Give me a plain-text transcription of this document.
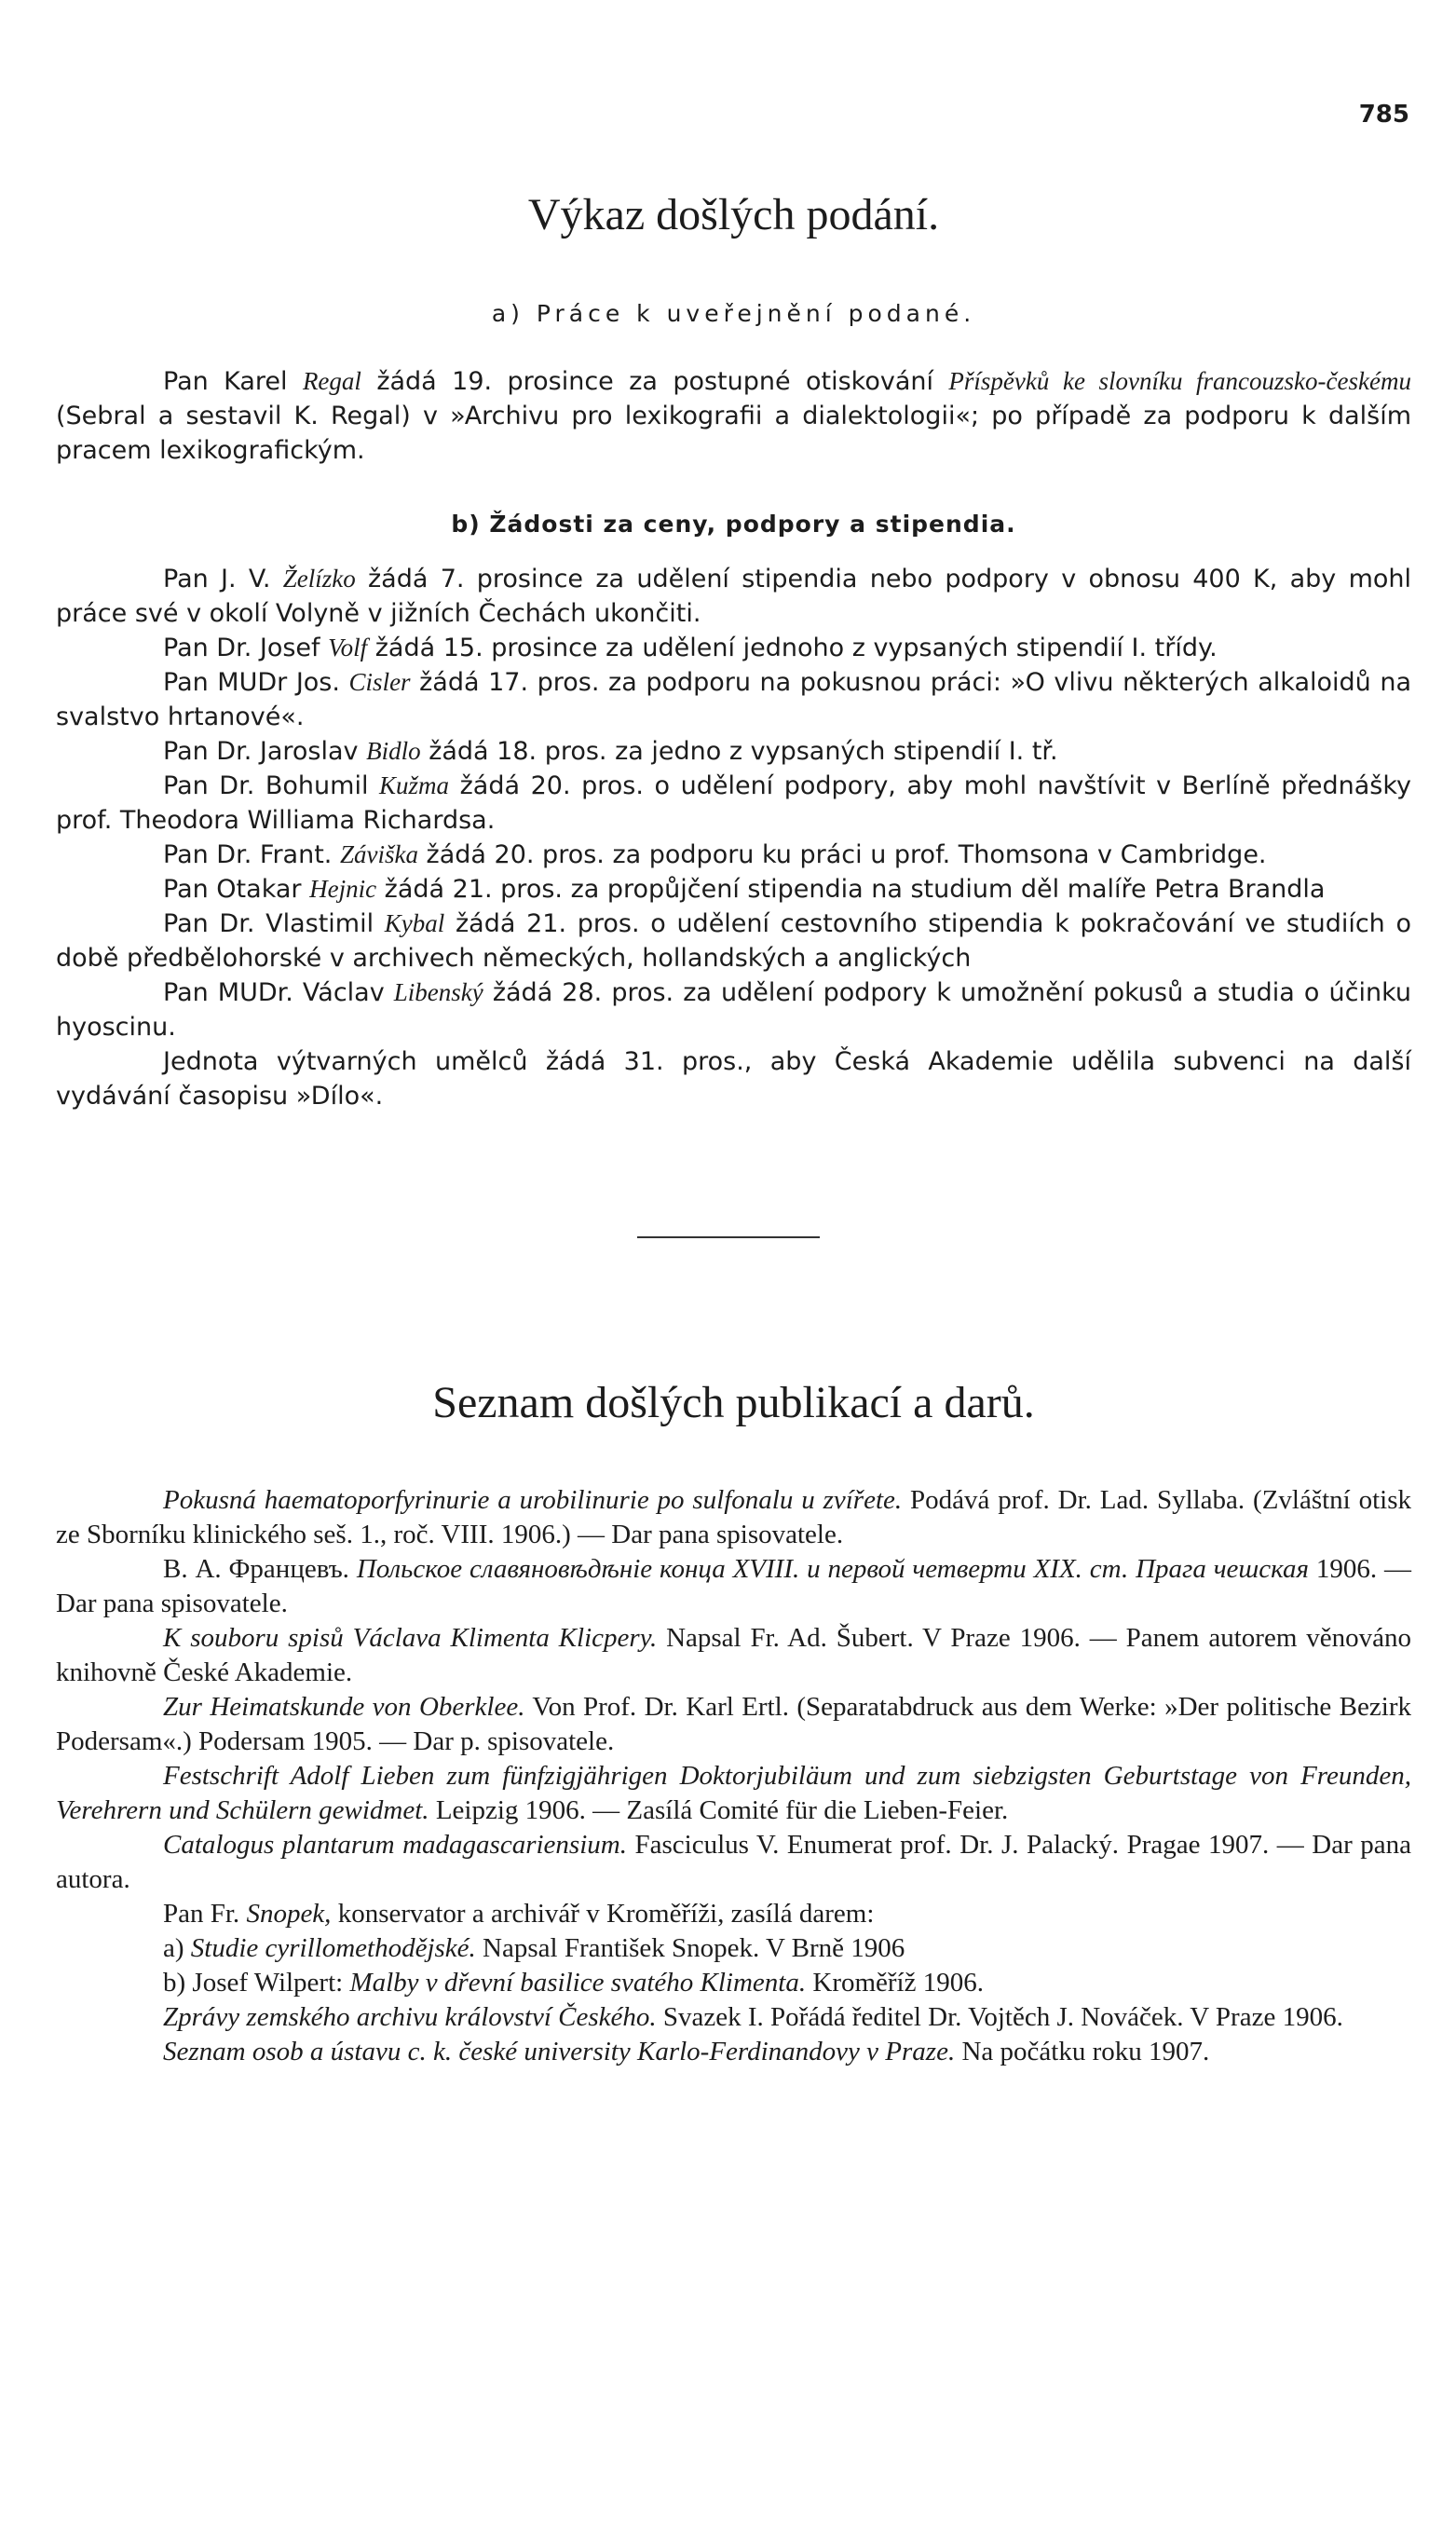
785
Výkaz došlých podání.
a) Práce k uveřejnění podané.
b) Žádosti za ceny, podpory a stipendia.
Seznam došlých publikací a darů.

Pan Karel Regal žádá 19. prosince za postupné otiskování Příspěvků ke slovníku francouzsko-českému (Sebral a sestavil K. Regal) v »Archivu pro lexikografii a dialektologii«; po případě za podporu k dalším pracem lexikografickým.

Pan J. V. Želízko žádá 7. prosince za udělení stipendia nebo podpory v obnosu 400 K, aby mohl práce své v okolí Volyně v jižních Čechách ukončiti.

Pan Dr. Josef Volf žádá 15. prosince za udělení jednoho z vypsaných stipendií I. třídy.

Pan MUDr Jos. Cisler žádá 17. pros. za podporu na pokusnou práci: »O vlivu některých alkaloidů na svalstvo hrtanové«.

Pan Dr. Jaroslav Bidlo žádá 18. pros. za jedno z vypsaných stipendií I. tř.

Pan Dr. Bohumil Kužma žádá 20. pros. o udělení podpory, aby mohl navštívit v Berlíně přednášky prof. Theodora Williama Richardsa.

Pan Dr. Frant. Záviška žádá 20. pros. za podporu ku práci u prof. Thomsona v Cambridge.

Pan Otakar Hejnic žádá 21. pros. za propůjčení stipendia na studium děl malíře Petra Brandla

Pan Dr. Vlastimil Kybal žádá 21. pros. o udělení cestovního stipendia k pokračování ve studiích o době předbělohorské v archivech německých, hollandských a anglických

Pan MUDr. Václav Libenský žádá 28. pros. za udělení podpory k umožnění pokusů a studia o účinku hyoscinu.

Jednota výtvarných umělců žádá 31. pros., aby Česká Akademie udělila subvenci na další vydávání časopisu »Dílo«.

Pokusná haematoporfyrinurie a urobilinurie po sulfonalu u zvířete. Podává prof. Dr. Lad. Syllaba. (Zvláštní otisk ze Sborníku klinického seš. 1., roč. VIII. 1906.) — Dar pana spisovatele.

В. А. Францевъ. Польское славяновѣдѣніе конца XVIII. и первой четверти XIX. ст. Прага чешская 1906. — Dar pana spisovatele.

K souboru spisů Václava Klimenta Klicpery. Napsal Fr. Ad. Šubert. V Praze 1906. — Panem autorem věnováno knihovně České Akademie.

Zur Heimatskunde von Oberklee. Von Prof. Dr. Karl Ertl. (Separatabdruck aus dem Werke: »Der politische Bezirk Podersam«.) Podersam 1905. — Dar p. spisovatele.

Festschrift Adolf Lieben zum fünfzigjährigen Doktorjubiläum und zum siebzigsten Geburtstage von Freunden, Verehrern und Schülern gewidmet. Leipzig 1906. — Zasílá Comité für die Lieben-Feier.

Catalogus plantarum madagascariensium. Fasciculus V. Enumerat prof. Dr. J. Palacký. Pragae 1907. — Dar pana autora.

Pan Fr. Snopek, konservator a archivář v Kroměříži, zasílá darem:

a) Studie cyrillomethodějské. Napsal František Snopek. V Brně 1906

b) Josef Wilpert: Malby v dřevní basilice svatého Klimenta. Kroměříž 1906.

Zprávy zemského archivu království Českého. Svazek I. Pořádá ředitel Dr. Vojtěch J. Nováček. V Praze 1906.

Seznam osob a ústavu c. k. české university Karlo-Ferdinandovy v Praze. Na počátku roku 1907.
